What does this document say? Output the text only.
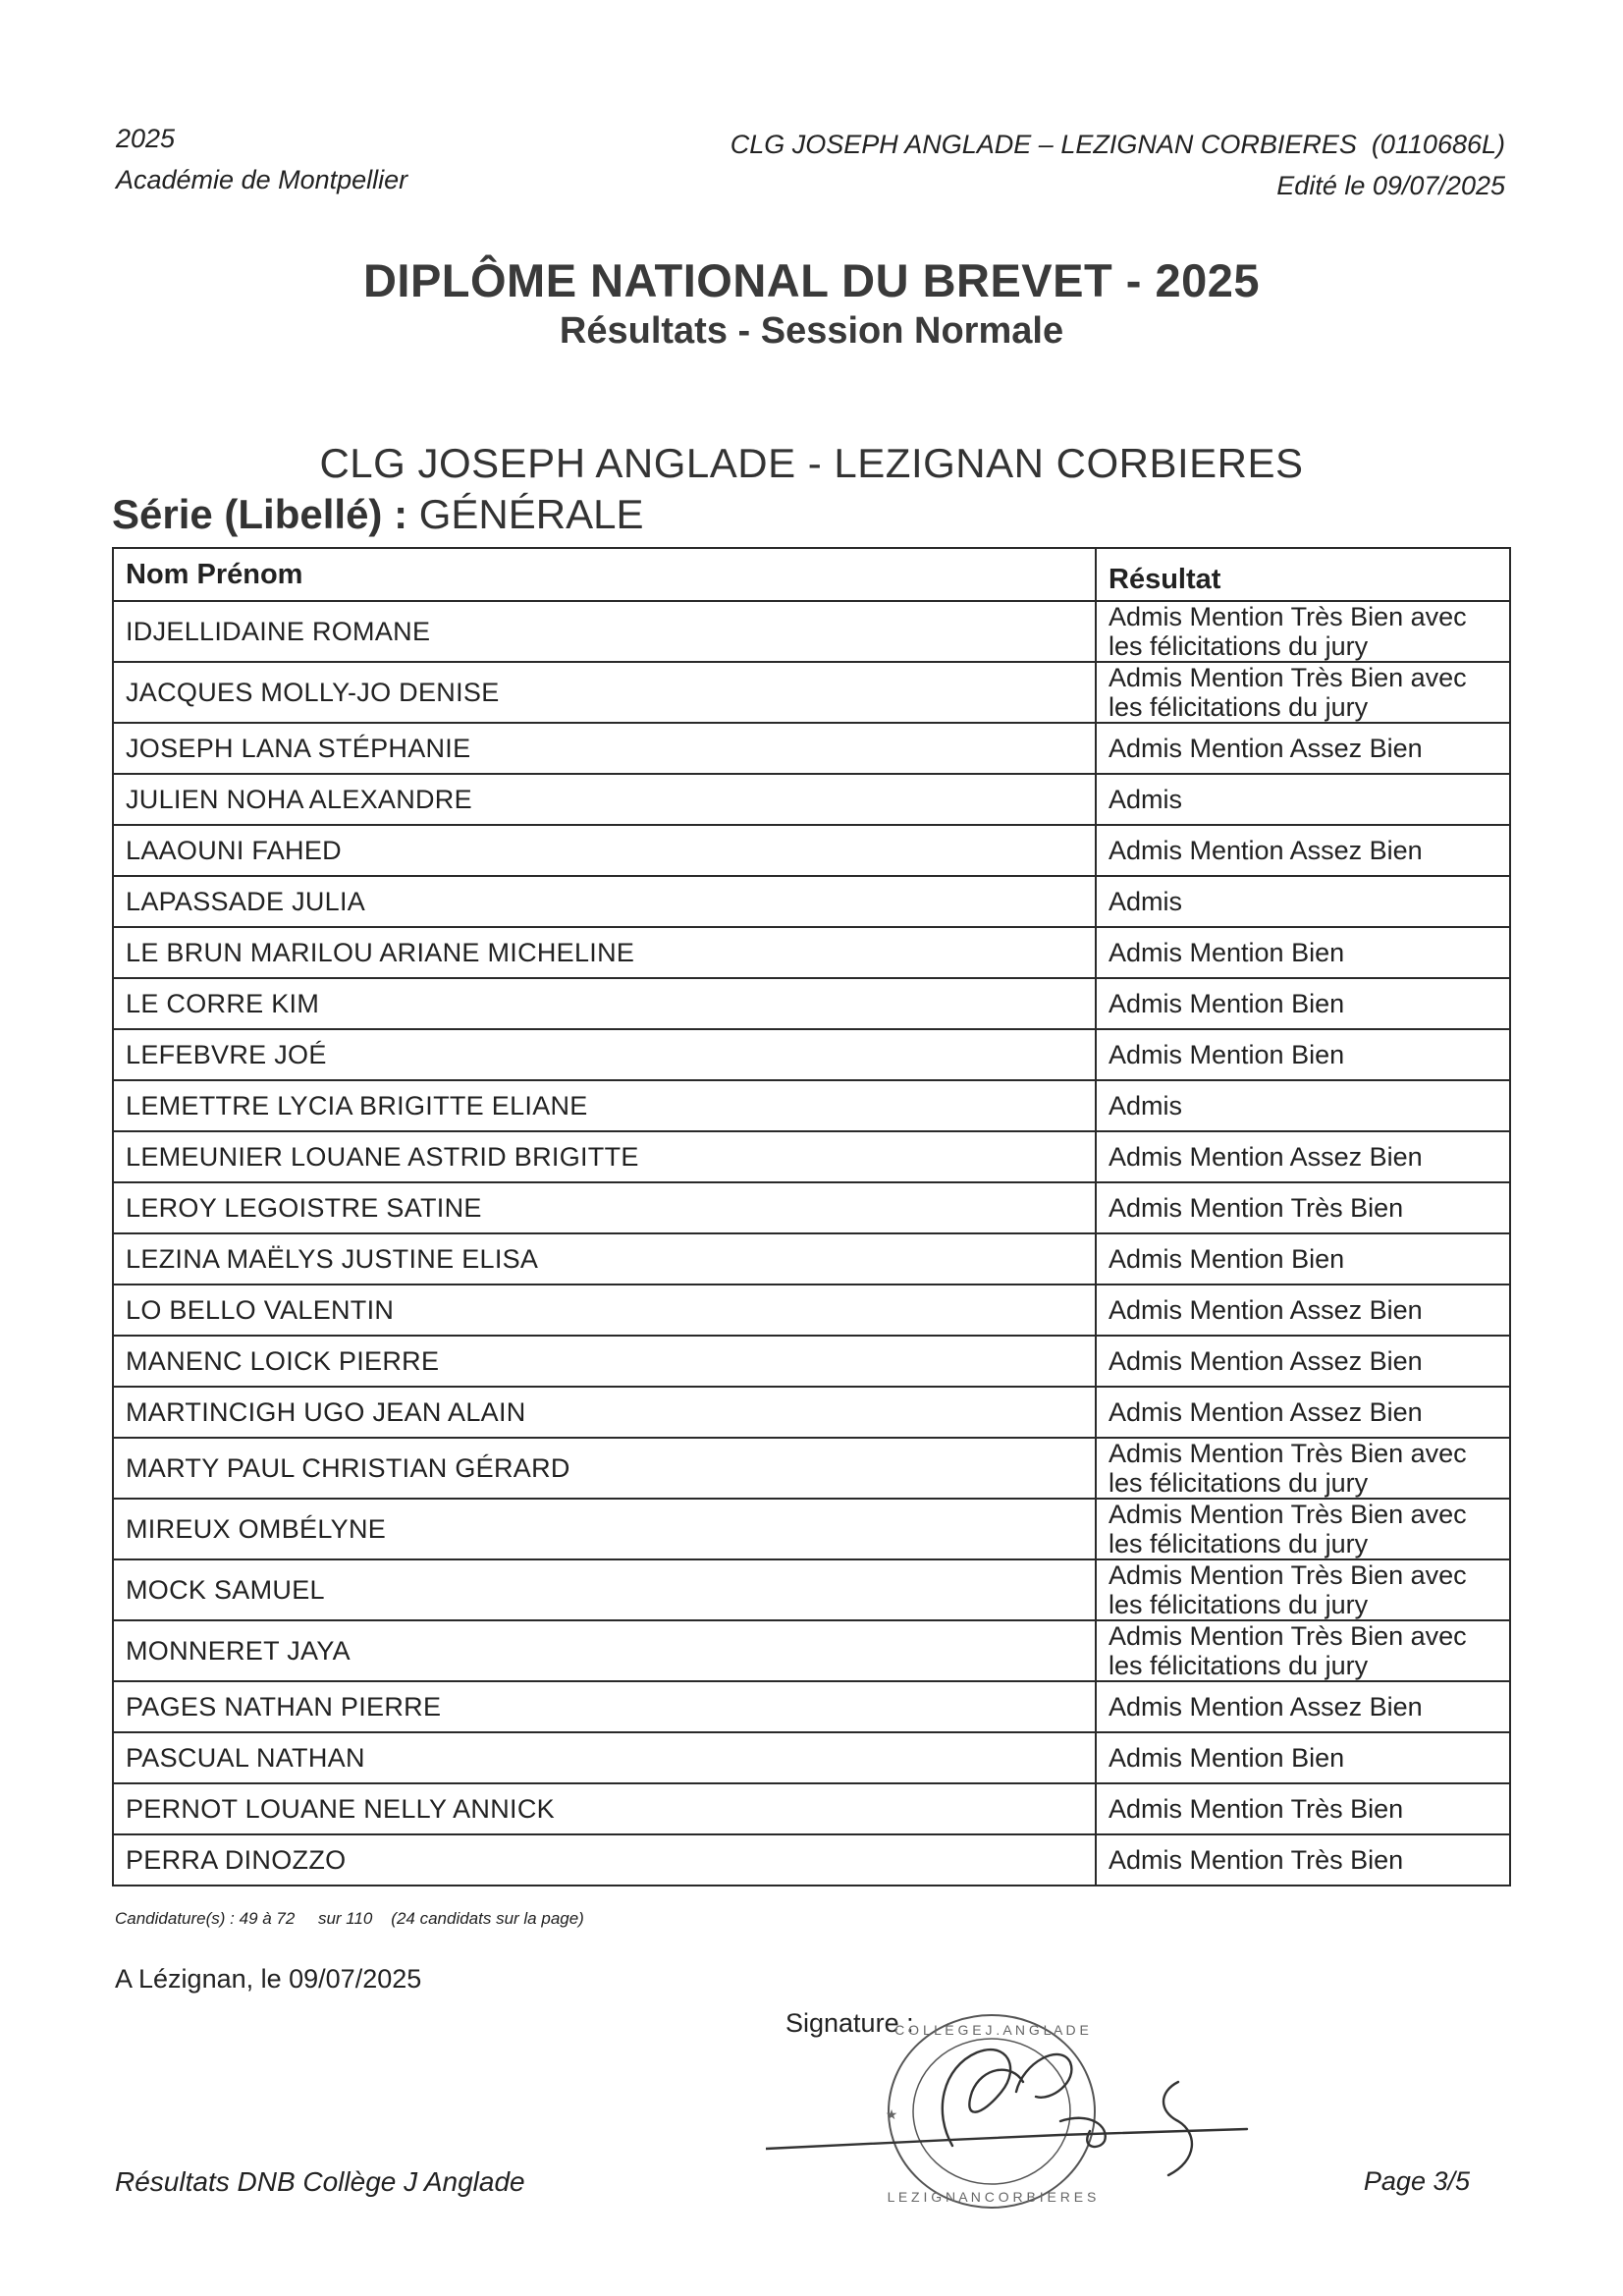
2025
Académie de Montpellier
CLG JOSEPH ANGLADE – LEZIGNAN CORBIERES  (0110686L)
Edité le 09/07/2025
DIPLÔME NATIONAL DU BREVET - 2025
Résultats - Session Normale
CLG JOSEPH ANGLADE - LEZIGNAN CORBIERES
Série (Libellé) : GÉNÉRALE
Nom Prénom	Résultat
IDJELLIDAINE ROMANE	Admis Mention Très Bien avec les félicitations du jury
JACQUES MOLLY-JO DENISE	Admis Mention Très Bien avec les félicitations du jury
JOSEPH LANA STÉPHANIE	Admis Mention Assez Bien
JULIEN NOHA ALEXANDRE	Admis
LAAOUNI FAHED	Admis Mention Assez Bien
LAPASSADE JULIA	Admis
LE BRUN MARILOU ARIANE MICHELINE	Admis Mention Bien
LE CORRE KIM	Admis Mention Bien
LEFEBVRE JOÉ	Admis Mention Bien
LEMETTRE LYCIA BRIGITTE ELIANE	Admis
LEMEUNIER LOUANE ASTRID BRIGITTE	Admis Mention Assez Bien
LEROY LEGOISTRE SATINE	Admis Mention Très Bien
LEZINA MAËLYS JUSTINE ELISA	Admis Mention Bien
LO BELLO VALENTIN	Admis Mention Assez Bien
MANENC LOICK PIERRE	Admis Mention Assez Bien
MARTINCIGH UGO JEAN ALAIN	Admis Mention Assez Bien
MARTY PAUL CHRISTIAN GÉRARD	Admis Mention Très Bien avec les félicitations du jury
MIREUX OMBÉLYNE	Admis Mention Très Bien avec les félicitations du jury
MOCK SAMUEL	Admis Mention Très Bien avec les félicitations du jury
MONNERET JAYA	Admis Mention Très Bien avec les félicitations du jury
PAGES NATHAN PIERRE	Admis Mention Assez Bien
PASCUAL NATHAN	Admis Mention Bien
PERNOT LOUANE NELLY ANNICK	Admis Mention Très Bien
PERRA DINOZZO	Admis Mention Très Bien
Candidature(s) : 49 à 72     sur 110    (24 candidats sur la page)
A Lézignan, le 09/07/2025
Signature :
C O L L È G E J . A N G L A D E
L E Z I G N A N C O R B I E R E S
★
Résultats DNB Collège J Anglade	Page 3/5
